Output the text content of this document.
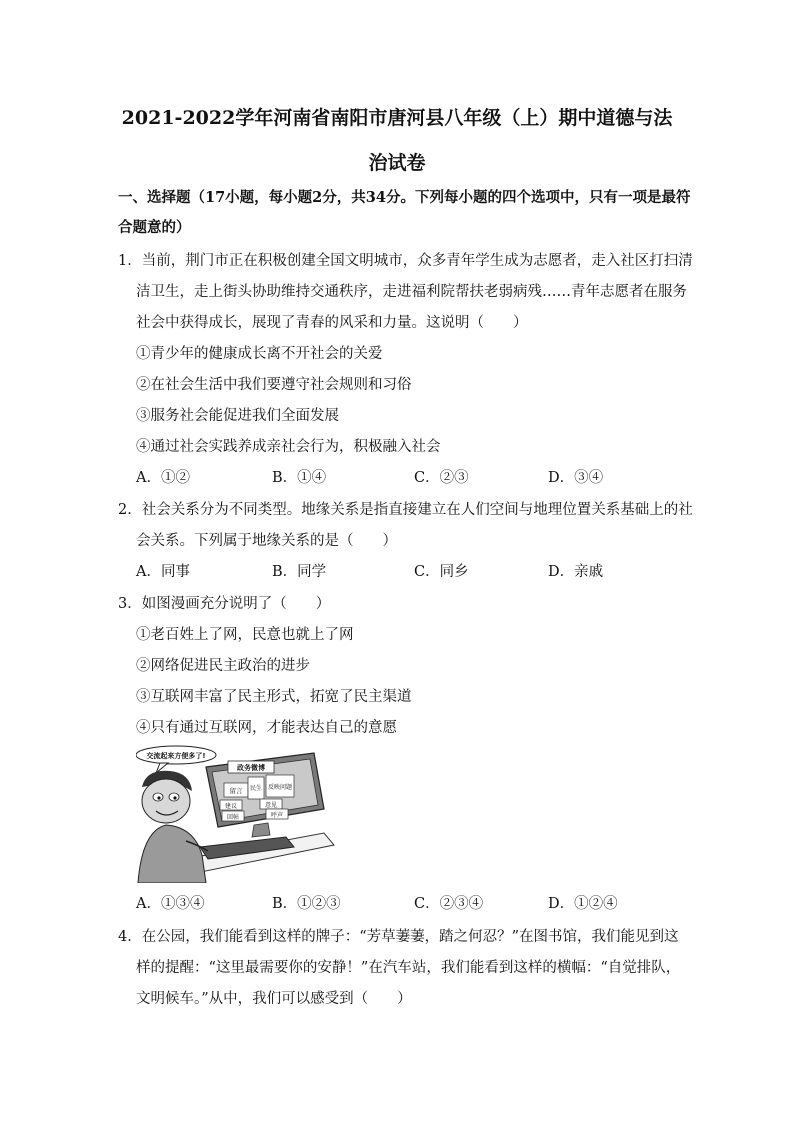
2021-2022学年河南省南阳市唐河县八年级（上）期中道德与法
治试卷
一、选择题（17小题，每小题2分，共34分。下列每小题的四个选项中，只有一项是最符
合题意的）
1．当前，荆门市正在积极创建全国文明城市，众多青年学生成为志愿者，走入社区打扫清
洁卫生，走上街头协助维持交通秩序，走进福利院帮扶老弱病残……青年志愿者在服务
社会中获得成长，展现了青春的风采和力量。这说明（　　）
①青少年的健康成长离不开社会的关爱
②在社会生活中我们要遵守社会规则和习俗
③服务社会能促进我们全面发展
④通过社会实践养成亲社会行为，积极融入社会
A．①②	B．①④	C．②③	D．③④
2．社会关系分为不同类型。地缘关系是指直接建立在人们空间与地理位置关系基础上的社
会关系。下列属于地缘关系的是（　　）
A．同事	B．同学	C．同乡	D．亲戚
3．如图漫画充分说明了（　　）
①老百姓上了网，民意也就上了网
②网络促进民主政治的进步
③互联网丰富了民主形式，拓宽了民主渠道
④只有通过互联网，才能表达自己的意愿
政务微博
留言 民生 反映问题
建议	意见
回帖	呼声
交流起来方便多了!
A．①③④	B．①②③	C．②③④	D．①②④
4．在公园，我们能看到这样的牌子：“芳草萋萋，踏之何忍？”在图书馆，我们能见到这
样的提醒：“这里最需要你的安静！”在汽车站，我们能看到这样的横幅：“自觉排队，
文明候车。”从中，我们可以感受到（　　）
